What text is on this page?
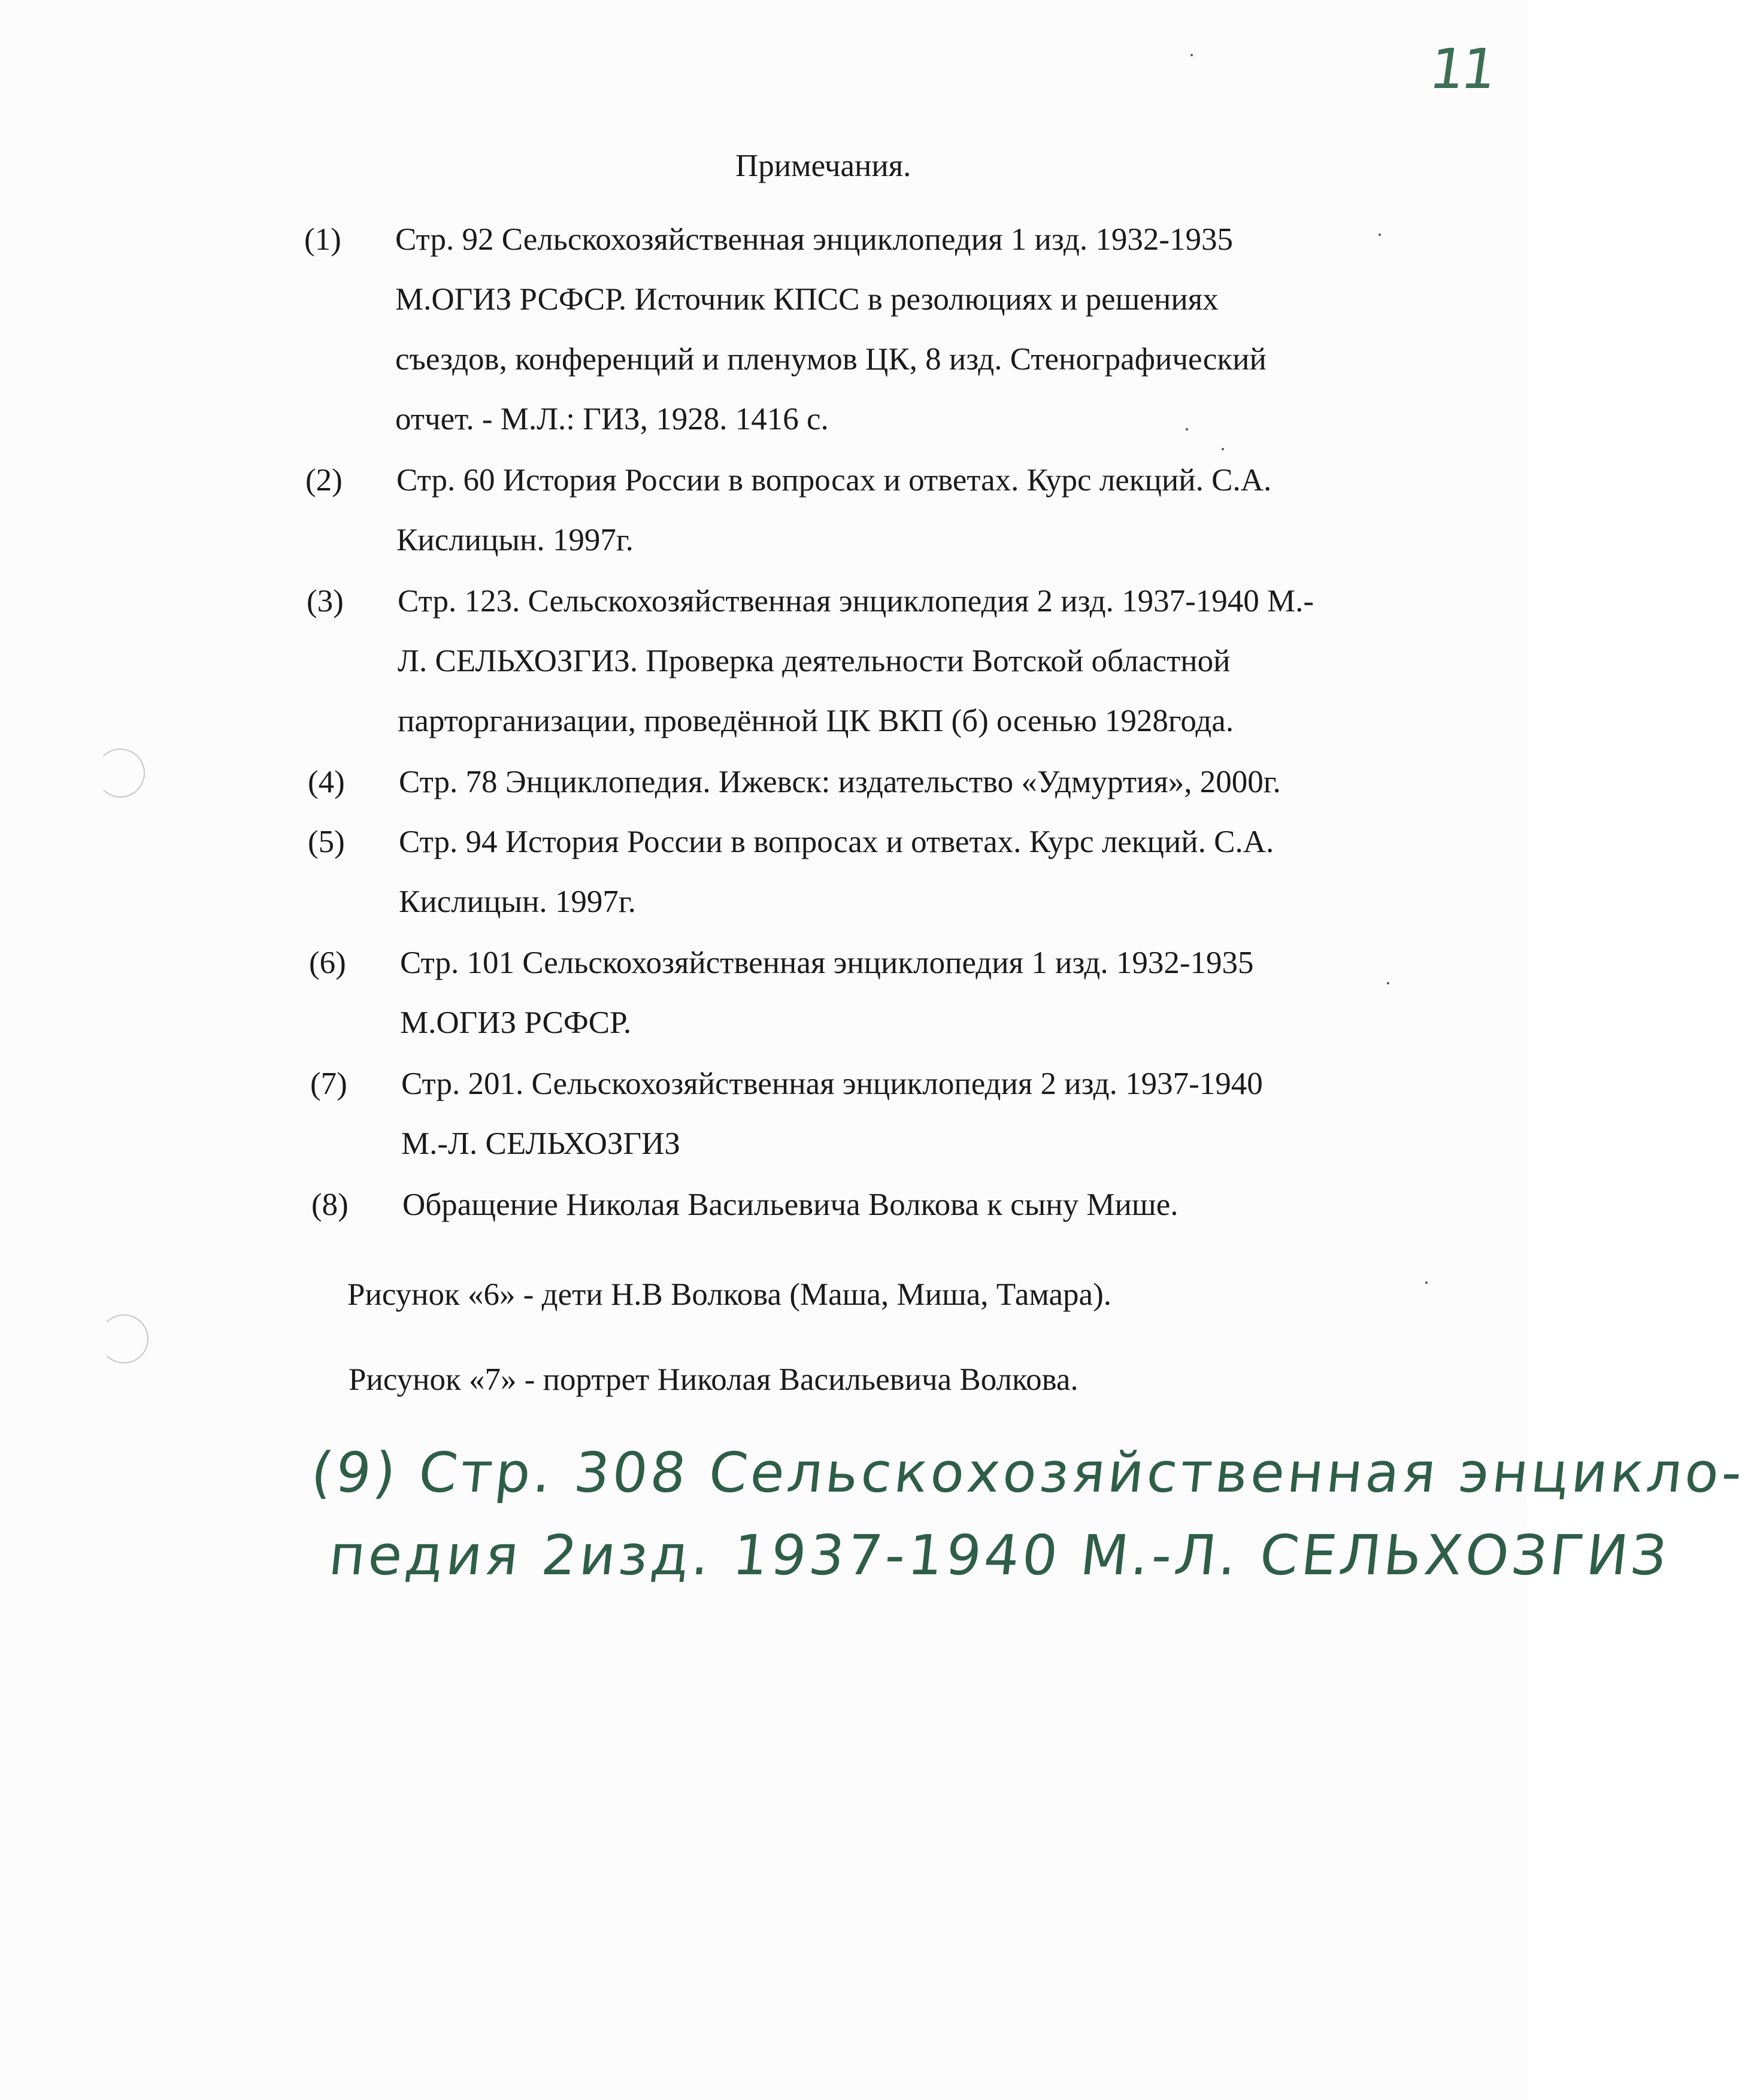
11
Примечания.
(1) Стр. 92 Сельскохозяйственная энциклопедия 1 изд. 1932-1935
М.ОГИЗ РСФСР. Источник КПСС в резолюциях и решениях
съездов, конференций и пленумов ЦК, 8 изд. Стенографический
отчет. - М.Л.: ГИЗ, 1928. 1416 с.
(2) Стр. 60 История России в вопросах и ответах. Курс лекций. С.А.
Кислицын. 1997г.
(3) Стр. 123. Сельскохозяйственная энциклопедия 2 изд. 1937-1940 М.-
Л. СЕЛЬХОЗГИЗ. Проверка деятельности Вотской областной
парторганизации, проведённой ЦК ВКП (б) осенью 1928года.
(4) Стр. 78 Энциклопедия. Ижевск: издательство «Удмуртия», 2000г.
(5) Стр. 94 История России в вопросах и ответах. Курс лекций. С.А.
Кислицын. 1997г.
(6) Стр. 101 Сельскохозяйственная энциклопедия 1 изд. 1932-1935
М.ОГИЗ РСФСР.
(7) Стр. 201. Сельскохозяйственная энциклопедия 2 изд. 1937-1940
М.-Л. СЕЛЬХОЗГИЗ
(8) Обращение Николая Васильевича Волкова к сыну Мише.
Рисунок «6» - дети Н.В Волкова (Маша, Миша, Тамара).
Рисунок «7» - портрет Николая Васильевича Волкова.
(9) Стр. 308 Сельскохозяйственная энцикло-
педия 2изд. 1937-1940 М.-Л. СЕЛЬХОЗГИЗ
